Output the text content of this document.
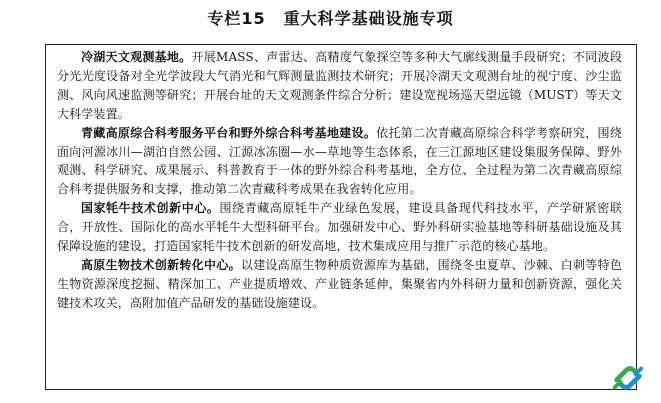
专栏15 重大科学基础设施专项

冷湖天文观测基地。开展MASS、声雷达、高精度气象探空等多种大气廓线测量手段研究；不同波段分光光度设备对全光学波段大气消光和气辉测量监测技术研究；开展冷湖天文观测台址的视宁度、沙尘监测、风向风速监测等研究；开展台址的天文观测条件综合分析；建设宽视场巡天望远镜（MUST）等天文大科学装置。

青藏高原综合科考服务平台和野外综合科考基地建设。依托第二次青藏高原综合科学考察研究，围绕面向河源冰川—湖泊自然公园、江源冰冻圈—水—草地等生态体系，在三江源地区建设集服务保障、野外观测、科学研究、成果展示、科普教育于一体的野外综合科考基地，全方位、全过程为第二次青藏高原综合科考提供服务和支撑，推动第二次青藏科考成果在我省转化应用。

国家牦牛技术创新中心。围绕青藏高原牦牛产业绿色发展，建设具备现代科技水平，产学研紧密联合，开放性、国际化的高水平牦牛大型科研平台。加强研发中心、野外科研实验基地等科研基础设施及其保障设施的建设，打造国家牦牛技术创新的研发高地，技术集成应用与推广示范的核心基地。

高原生物技术创新转化中心。以建设高原生物种质资源库为基础，围绕冬虫夏草、沙棘、白刺等特色生物资源深度挖掘、精深加工、产业提质增效、产业链条延伸，集聚省内外科研力量和创新资源，强化关键技术攻关，高附加值产品研发的基础设施建设。
